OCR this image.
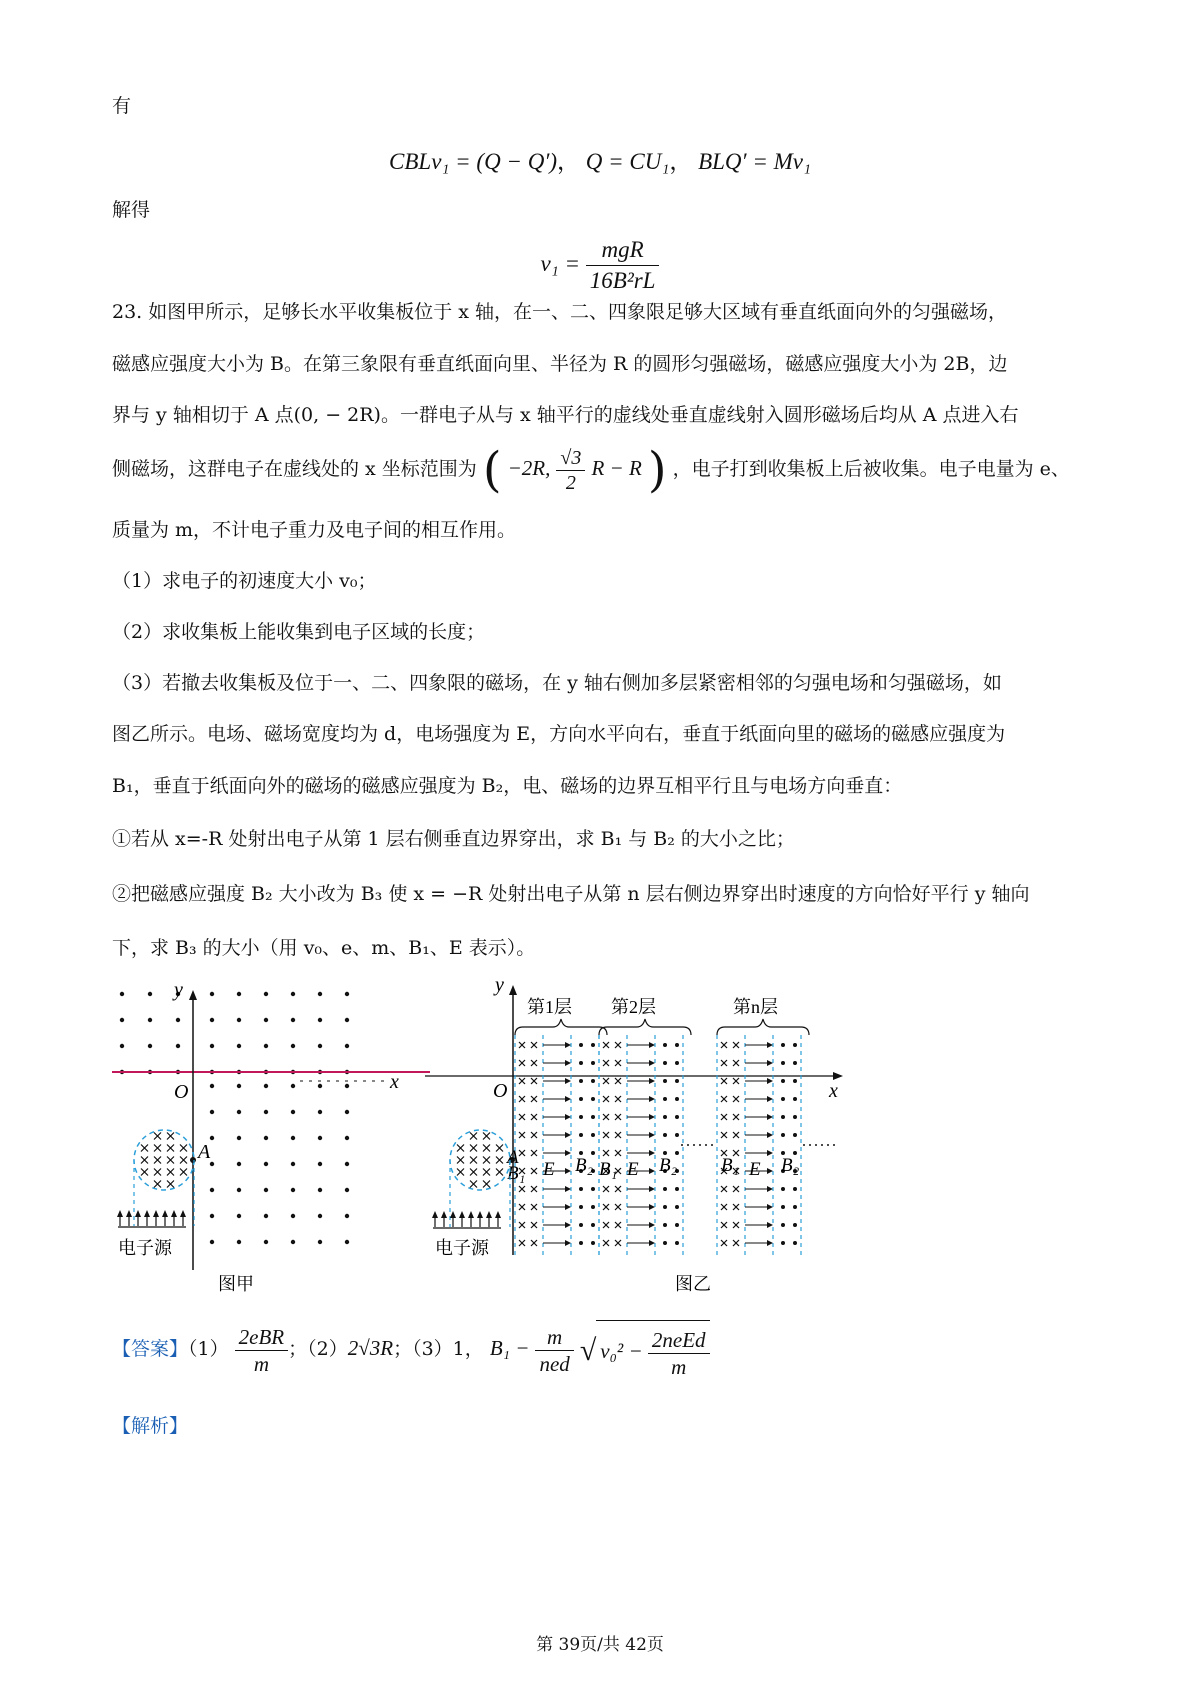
有
CBLv₁ = (Q − Q′)， Q = CU₁， BLQ′ = Mv₁
解得
$v_1 = \frac{\text{mgR}}{\text{16B²rL}}$
23. 如图甲所示，足够长水平收集板位于 x 轴，在一、二、四象限足够大区域有垂直纸面向外的匀强磁场，
磁感应强度大小为 B。在第三象限有垂直纸面向里、半径为 R 的圆形匀强磁场，磁感应强度大小为 2B，边
界与 y 轴相切于 A 点(0, − 2R)。一群电子从与 x 轴平行的虚线处垂直虚线射入圆形磁场后均从 A 点进入右
侧磁场，这群电子在虚线处的 x 坐标范围为 ( −2R, $\frac{√3}{2}$ R − R ) ，电子打到收集板上后被收集。电子电量为 e、
质量为 m，不计电子重力及电子间的相互作用。
（1）求电子的初速度大小 v₀；
（2）求收集板上能收集到电子区域的长度；
（3）若撤去收集板及位于一、二、四象限的磁场，在 y 轴右侧加多层紧密相邻的匀强电场和匀强磁场，如
图乙所示。电场、磁场宽度均为 d，电场强度为 E，方向水平向右，垂直于纸面向里的磁场的磁感应强度为
B₁，垂直于纸面向外的磁场的磁感应强度为 B₂，电、磁场的边界互相平行且与电场方向垂直：
①若从 x=-R 处射出电子从第 1 层右侧垂直边界穿出，求 B₁ 与 B₂ 的大小之比；
②把磁感应强度 B₂ 大小改为 B₃ 使 x = −R 处射出电子从第 n 层右侧边界穿出时速度的方向恰好平行 y 轴向
下，求 B₃ 的大小（用 v₀、e、m、B₁、E 表示）。
x
y
O
A
电子源
图甲
y
x
O
第1层 第2层	第n层
E B₂ B₁ E B₂ B₁ E B₂
A
B₁
电子源
图乙
【答案】$(1) \frac{\text{2eBR}}{m}$ ；（2）2√3R；（3）1， $B_1 - \frac{m}{\text{ned}}$ √ $v_0^2 - \frac{\text{2neEd}}{m}$
【解析】
第 39页/共 42页
